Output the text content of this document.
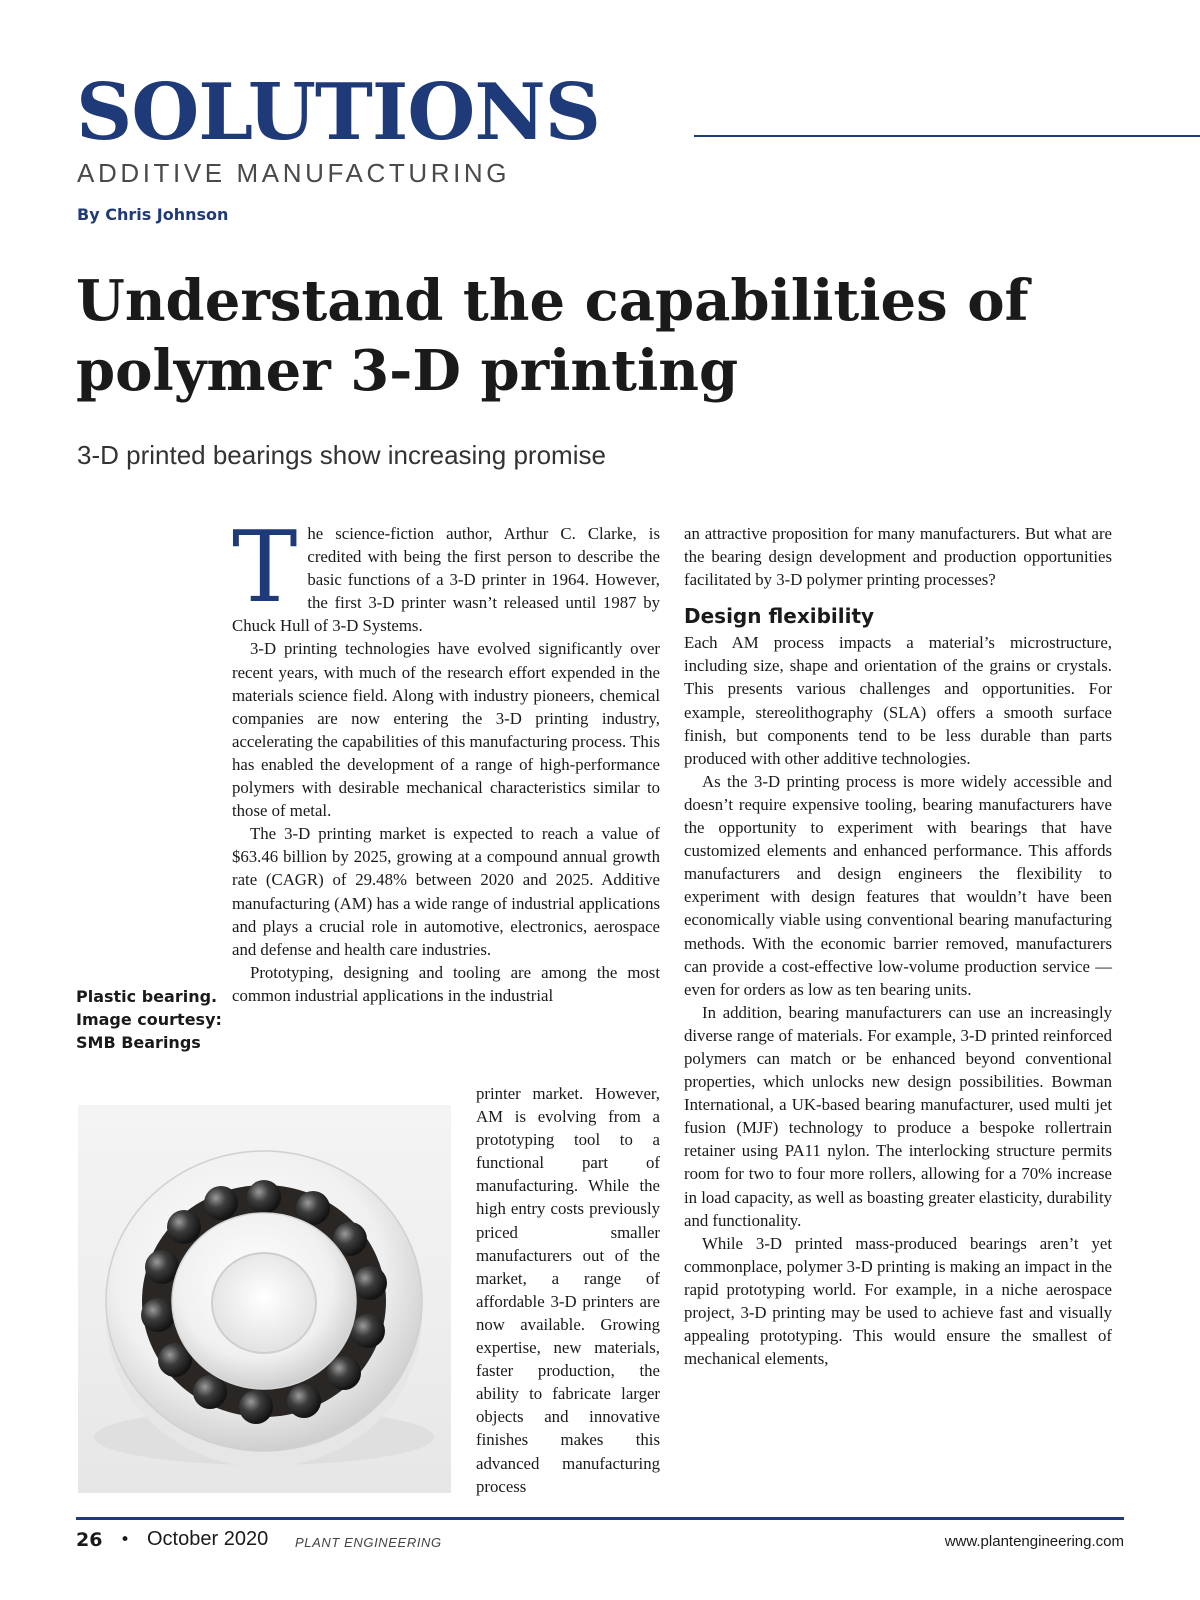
SOLUTIONS
ADDITIVE MANUFACTURING
By Chris Johnson
Understand the capabilities of polymer 3-D printing
3-D printed bearings show increasing promise

The science-fiction author, Arthur C. Clarke, is credited with being the first person to describe the basic functions of a 3-D printer in 1964. However, the first 3-D printer wasn’t released until 1987 by Chuck Hull of 3-D Systems.

3-D printing technologies have evolved significantly over recent years, with much of the research effort expended in the materials science field. Along with industry pioneers, chemical companies are now entering the 3-D printing industry, accelerating the capabilities of this manufacturing process. This has enabled the development of a range of high-performance polymers with desirable mechanical characteristics similar to those of metal.

The 3-D printing market is expected to reach a value of $63.46 billion by 2025, growing at a compound annual growth rate (CAGR) of 29.48% between 2020 and 2025. Additive manufacturing (AM) has a wide range of industrial applications and plays a crucial role in automotive, electronics, aerospace and defense and health care industries.

Prototyping, designing and tooling are among the most common industrial applications in the industrial

printer market. However, AM is evolving from a prototyping tool to a functional part of manufacturing. While the high entry costs previously priced smaller manufacturers out of the market, a range of affordable 3-D printers are now available. Growing expertise, new materials, faster production, the ability to fabricate larger objects and innovative finishes makes this advanced manufacturing process

an attractive proposition for many manufacturers. But what are the bearing design development and production opportunities facilitated by 3-D polymer printing processes?

Design flexibility

Each AM process impacts a material’s microstructure, including size, shape and orientation of the grains or crystals. This presents various challenges and opportunities. For example, stereolithography (SLA) offers a smooth surface finish, but components tend to be less durable than parts produced with other additive technologies.

As the 3-D printing process is more widely accessible and doesn’t require expensive tooling, bearing manufacturers have the opportunity to experiment with bearings that have customized elements and enhanced performance. This affords manufacturers and design engineers the flexibility to experiment with design features that wouldn’t have been economically viable using conventional bearing manufacturing methods. With the economic barrier removed, manufacturers can provide a cost-effective low-volume production service — even for orders as low as ten bearing units.

In addition, bearing manufacturers can use an increasingly diverse range of materials. For example, 3-D printed reinforced polymers can match or be enhanced beyond conventional properties, which unlocks new design possibilities. Bowman International, a UK-based bearing manufacturer, used multi jet fusion (MJF) technology to produce a bespoke rollertrain retainer using PA11 nylon. The interlocking structure permits room for two to four more rollers, allowing for a 70% increase in load capacity, as well as boasting greater elasticity, durability and functionality.

While 3-D printed mass-produced bearings aren’t yet commonplace, polymer 3-D printing is making an impact in the rapid prototyping world. For example, in a niche aerospace project, 3-D printing may be used to achieve fast and visually appealing prototyping. This would ensure the smallest of mechanical elements,

Plastic bearing. Image courtesy: SMB Bearings
26 • October 2020 PLANT ENGINEERING	www.plantengineering.com
